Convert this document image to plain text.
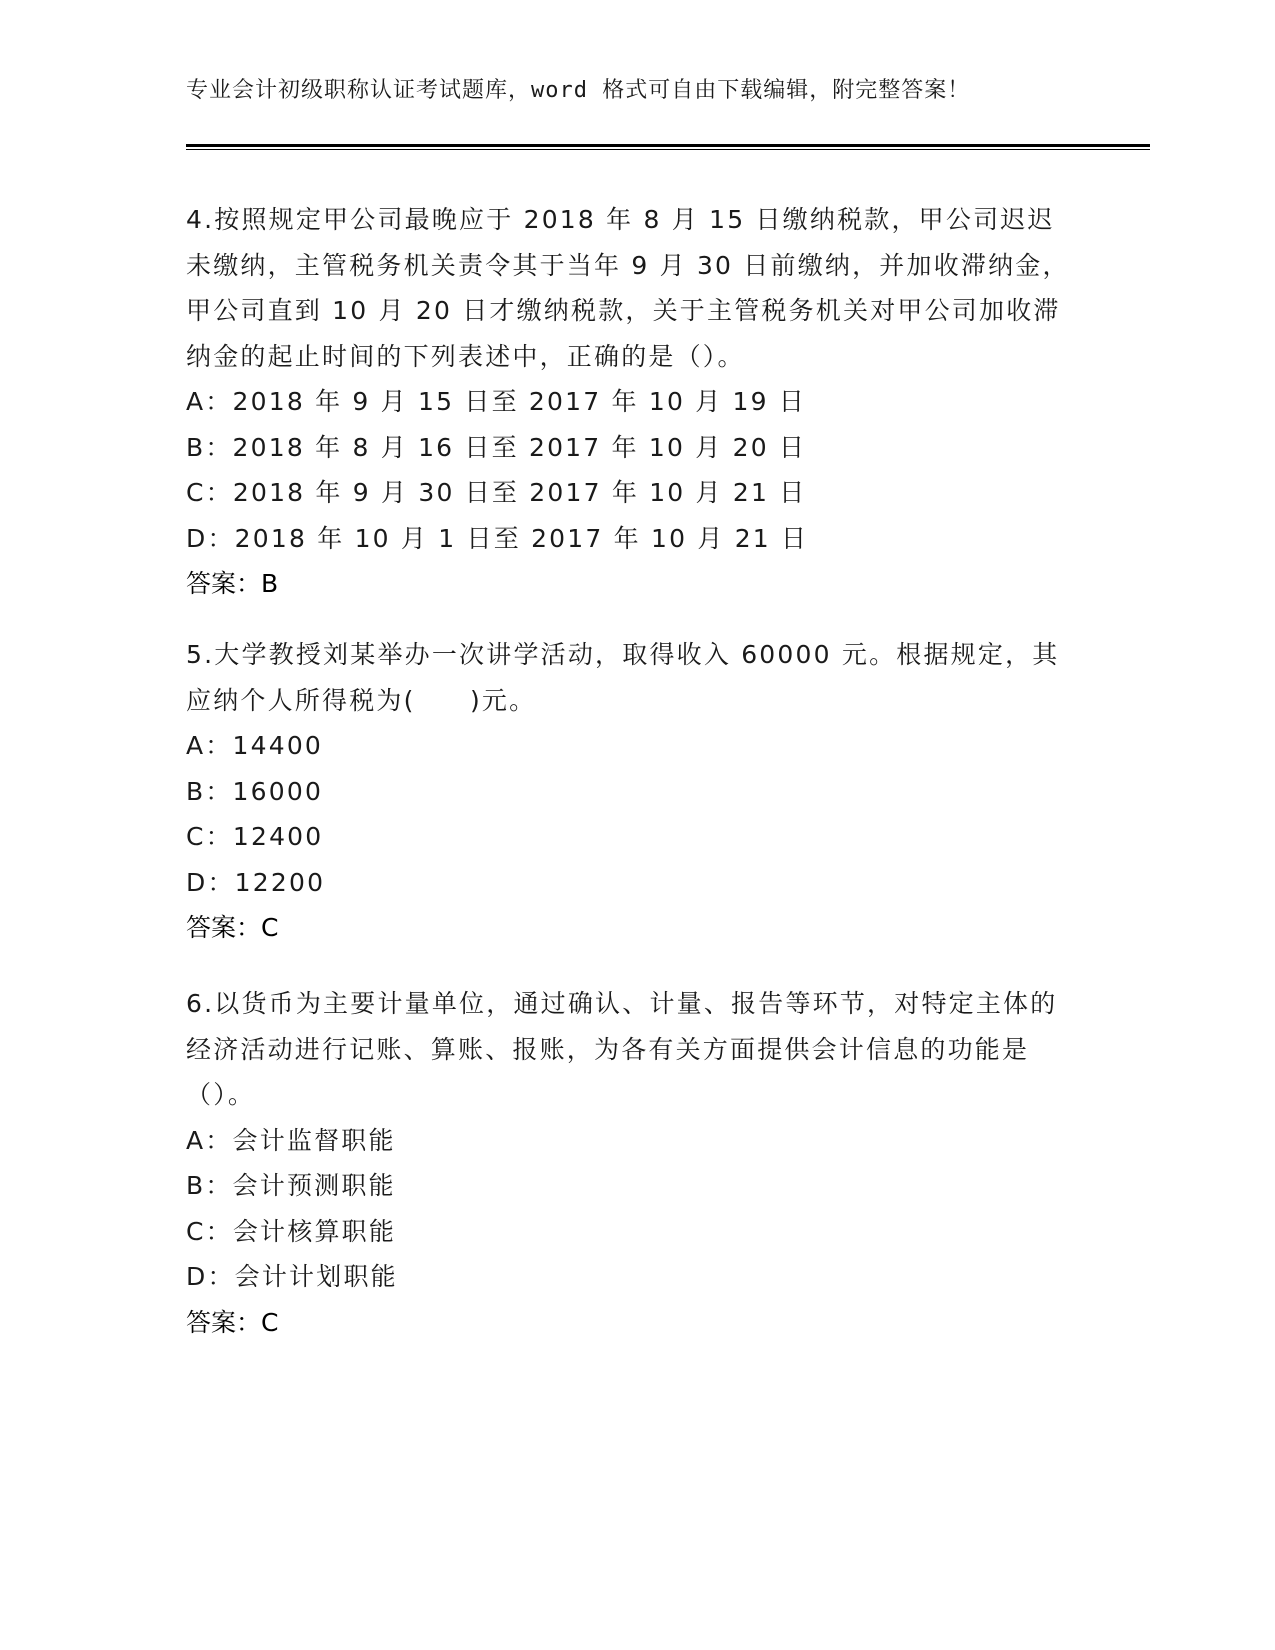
专业会计初级职称认证考试题库，word 格式可自由下载编辑，附完整答案！

4.按照规定甲公司最晚应于 2018 年 8 月 15 日缴纳税款，甲公司迟迟未缴纳，主管税务机关责令其于当年 9 月 30 日前缴纳，并加收滞纳金，甲公司直到 10 月 20 日才缴纳税款，关于主管税务机关对甲公司加收滞纳金的起止时间的下列表述中，正确的是（）。

A：2018 年 9 月 15 日至 2017 年 10 月 19 日
B：2018 年 8 月 16 日至 2017 年 10 月 20 日
C：2018 年 9 月 30 日至 2017 年 10 月 21 日
D：2018 年 10 月 1 日至 2017 年 10 月 21 日
答案：B

5.大学教授刘某举办一次讲学活动，取得收入 60000 元。根据规定，其应纳个人所得税为(　　)元。

A：14400
B：16000
C：12400
D：12200
答案：C

6.以货币为主要计量单位，通过确认、计量、报告等环节，对特定主体的经济活动进行记账、算账、报账，为各有关方面提供会计信息的功能是（）。

A：会计监督职能
B：会计预测职能
C：会计核算职能
D：会计计划职能
答案：C
